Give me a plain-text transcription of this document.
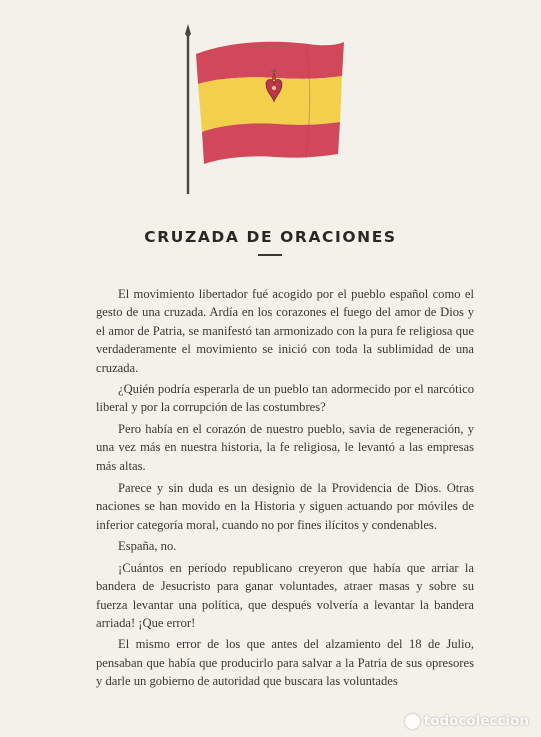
CRUZADA DE ORACIONES

El movimiento libertador fué acogido por el pueblo español como el gesto de una cruzada. Ardía en los corazones el fuego del amor de Dios y el amor de Patria, se manifestó tan armonizado con la pura fe religiosa que verdaderamente el movimiento se inició con toda la sublimidad de una cruzada.

¿Quién podría esperarla de un pueblo tan adormecido por el narcótico liberal y por la corrupción de las costumbres?

Pero había en el corazón de nuestro pueblo, savia de regeneración, y una vez más en nuestra historia, la fe religiosa, le levantó a las empresas más altas.

Parece y sin duda es un designio de la Providencia de Dios. Otras naciones se han movido en la Historia y siguen actuando por móviles de inferior categoría moral, cuando no por fines ilícitos y condenables.

España, no.

¡Cuántos en período republicano creyeron que había que arriar la bandera de Jesucristo para ganar voluntades, atraer masas y sobre su fuerza levantar una política, que después volvería a levantar la bandera arriada! ¡Que error!

El mismo error de los que antes del alzamiento del 18 de Julio, pensaban que había que producirlo para salvar a la Patria de sus opresores y darle un gobierno de autoridad que buscara las voluntades

todocoleccion
